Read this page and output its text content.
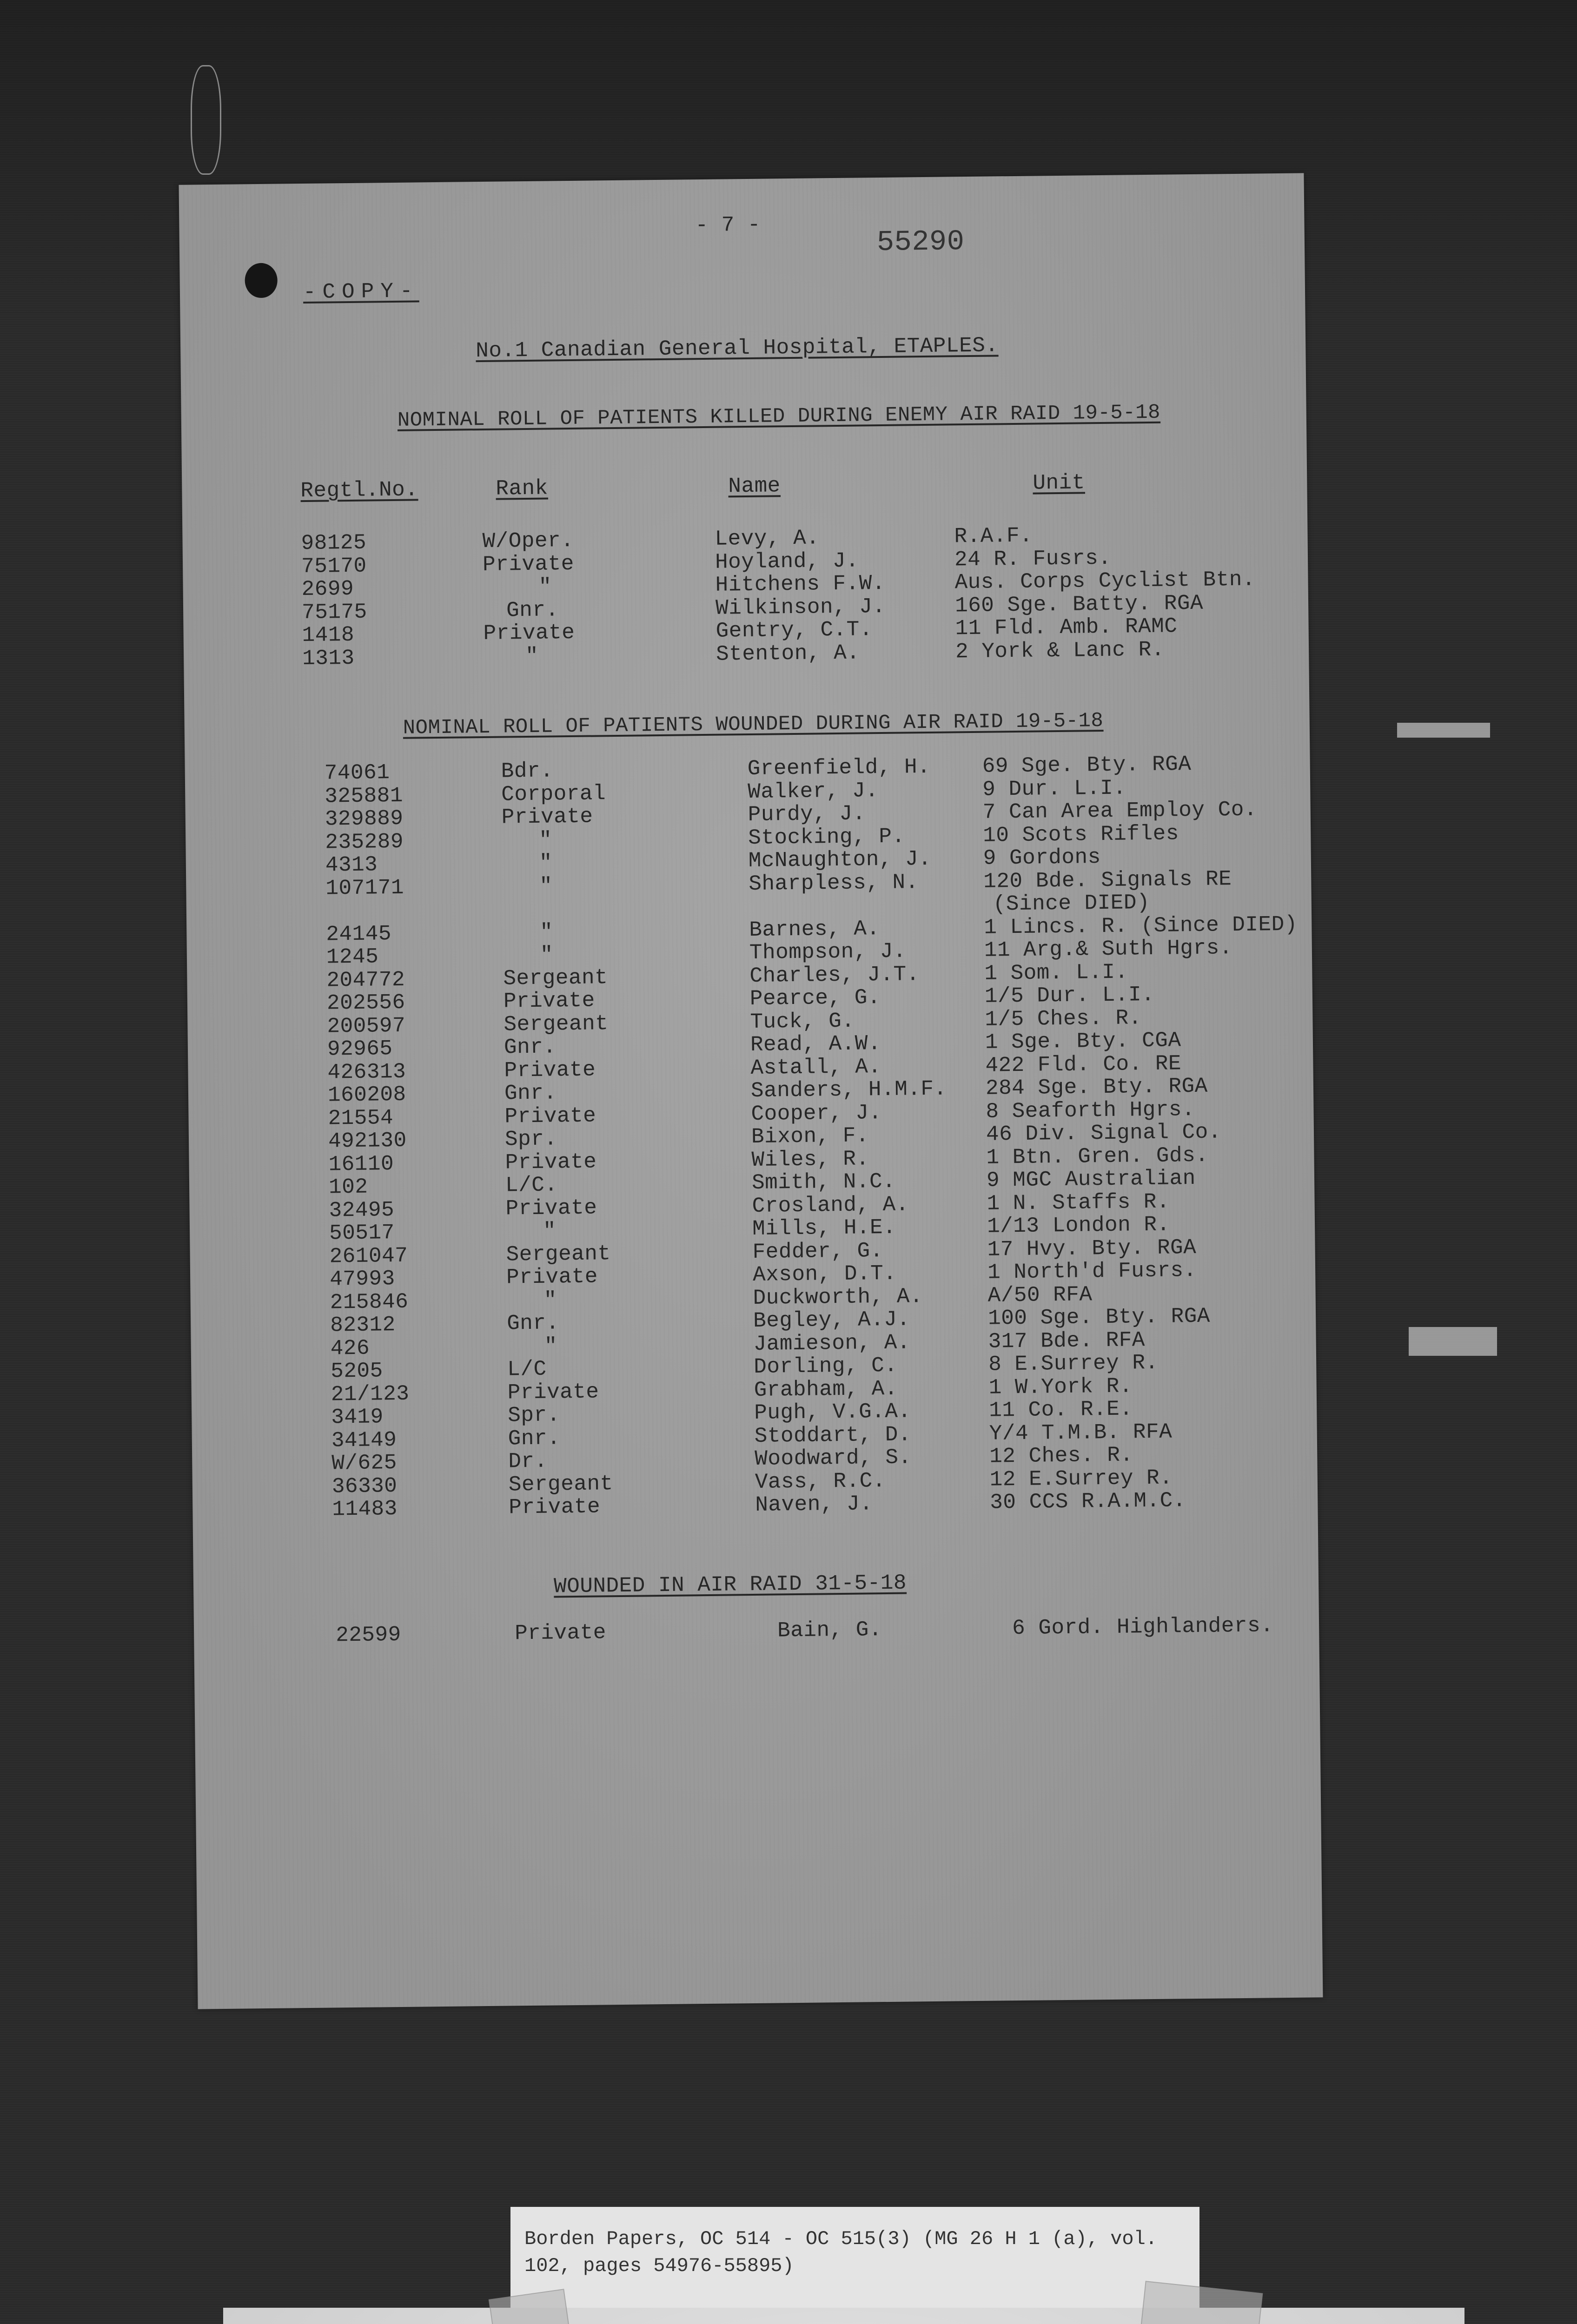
- 7 -	55290
-COPY-
No.1 Canadian General Hospital, ETAPLES.
NOMINAL ROLL OF PATIENTS KILLED DURING ENEMY AIR RAID 19-5-18
Regtl.No.	Rank	Name	Unit
98125	W/Oper.	Levy, A.	R.A.F.
75170	Private	Hoyland, J.	24 R. Fusrs.
2699	"	Hitchens F.W.	Aus. Corps Cyclist Btn.
75175	Gnr.	Wilkinson, J.	160 Sge. Batty. RGA
1418	Private	Gentry, C.T.	11 Fld. Amb. RAMC
1313	"	Stenton, A.	2 York & Lanc R.
NOMINAL ROLL OF PATIENTS WOUNDED DURING AIR RAID 19-5-18
74061	Bdr.	Greenfield, H. 69 Sge. Bty. RGA
325881	Corporal	Walker, J.	9 Dur. L.I.
329889	Private	Purdy, J.	7 Can Area Employ Co.
235289	"	Stocking, P.	10 Scots Rifles
4313	"	McNaughton, J. 9 Gordons
107171	"	Sharpless, N.	120 Bde. Signals RE
(Since DIED)
24145	"	Barnes, A.	1 Lincs. R. (Since DIED)
1245	"	Thompson, J.	11 Arg.& Suth Hgrs.
204772	Sergeant	Charles, J.T.	1 Som. L.I.
202556	Private	Pearce, G.	1/5 Dur. L.I.
200597	Sergeant	Tuck, G.	1/5 Ches. R.
92965	Gnr.	Read, A.W.	1 Sge. Bty. CGA
426313	Private	Astall, A.	422 Fld. Co. RE
160208	Gnr.	Sanders, H.M.F. 284 Sge. Bty. RGA
21554	Private	Cooper, J.	8 Seaforth Hgrs.
492130	Spr.	Bixon, F.	46 Div. Signal Co.
16110	Private	Wiles, R.	1 Btn. Gren. Gds.
102	L/C.	Smith, N.C.	9 MGC Australian
32495	Private	Crosland, A.	1 N. Staffs R.
50517	"	Mills, H.E.	1/13 London R.
261047	Sergeant	Fedder, G.	17 Hvy. Bty. RGA
47993	Private	Axson, D.T.	1 North'd Fusrs.
215846	"	Duckworth, A.	A/50 RFA
82312	Gnr.	Begley, A.J.	100 Sge. Bty. RGA
426	"	Jamieson, A.	317 Bde. RFA
5205	L/C	Dorling, C.	8 E.Surrey R.
21/123	Private	Grabham, A.	1 W.York R.
3419	Spr.	Pugh, V.G.A.	11 Co. R.E.
34149	Gnr.	Stoddart, D.	Y/4 T.M.B. RFA
W/625	Dr.	Woodward, S.	12 Ches. R.
36330	Sergeant	Vass, R.C.	12 E.Surrey R.
11483	Private	Naven, J.	30 CCS R.A.M.C.
WOUNDED IN AIR RAID 31-5-18
22599	Private	Bain, G.	6 Gord. Highlanders.
Borden Papers, OC 514 - OC 515(3) (MG 26 H 1 (a), vol.
102, pages 54976-55895)
